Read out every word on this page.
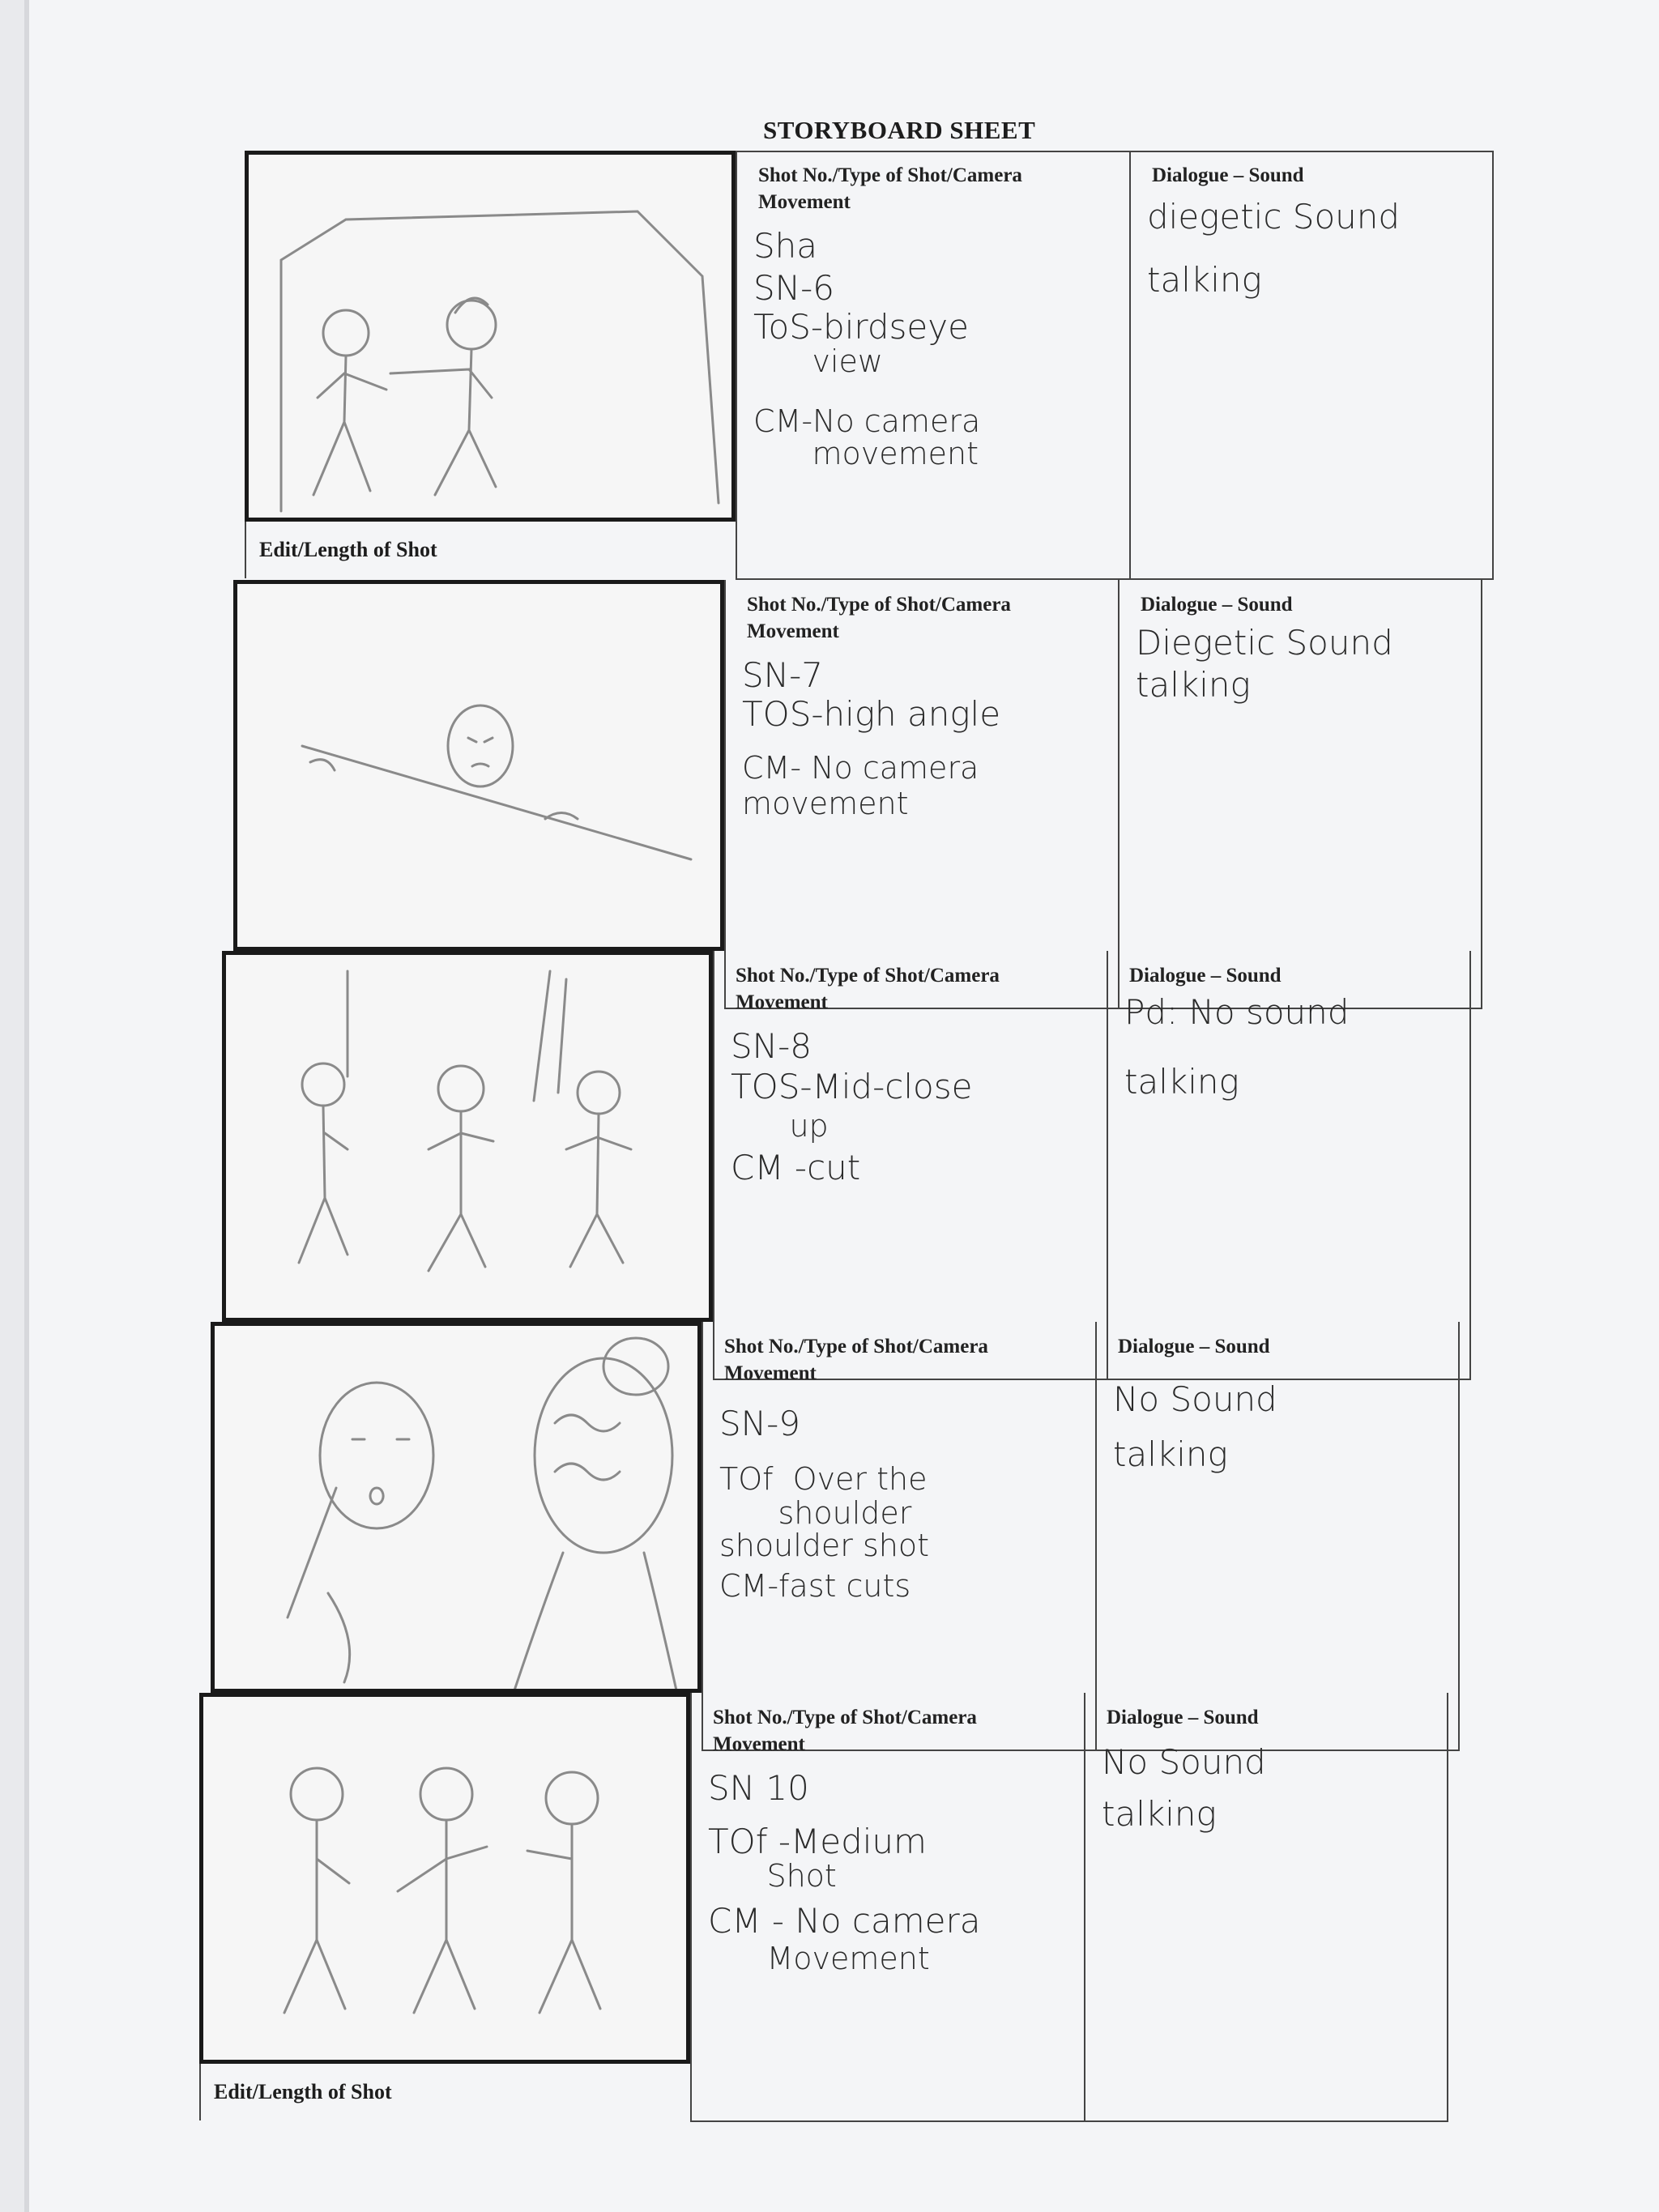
STORYBOARD SHEET
Edit/Length of Shot
Shot No./Type of Shot/Camera Movement
Sha
SN-6
ToS-birdseye
view
CM-No camera
movement
Dialogue – Sound
diegetic Sound
talking
Shot No./Type of Shot/Camera Movement
SN-7
TOS-high angle
CM- No camera
movement
Dialogue – Sound
Diegetic Sound
talking
Shot No./Type of Shot/Camera Movement
SN-8
TOS-Mid-close
up
CM -cut
Dialogue – Sound
Pd: No sound
talking
Shot No./Type of Shot/Camera Movement
SN-9
TOf  Over the
shoulder
shoulder shot
CM-fast cuts
Dialogue – Sound
No Sound
talking
Edit/Length of Shot
Shot No./Type of Shot/Camera Movement
SN 10
TOf -Medium
Shot
CM - No camera
Movement
Dialogue – Sound
No Sound
talking
